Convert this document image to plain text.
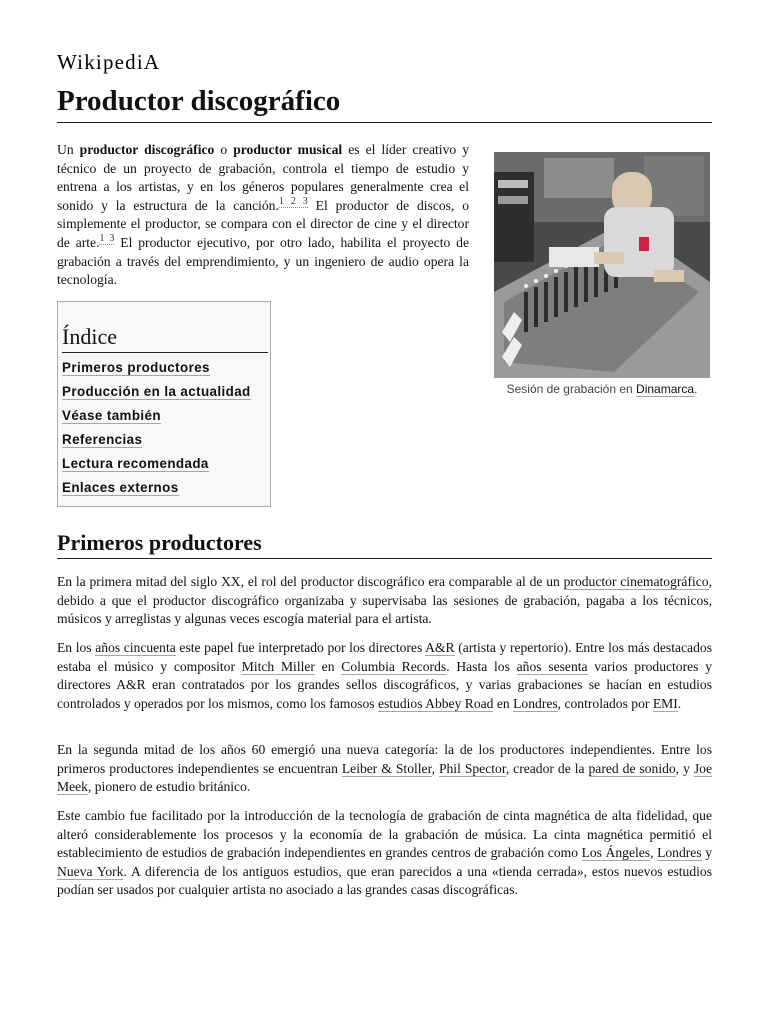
WikipediA
Productor discográfico

Un productor discográfico o productor musical es el líder creativo y técnico de un proyecto de grabación, controla el tiempo de estudio y entrena a los artistas, y en los géneros populares generalmente crea el sonido y la estructura de la canción.$^{1 2 3}$ El productor de discos, o simplemente el productor, se compara con el director de cine y el director de arte.$^{1 3}$ El productor ejecutivo, por otro lado, habilita el proyecto de grabación a través del emprendimiento, y un ingeniero de audio opera la tecnología.

Sesión de grabación en Dinamarca.
Índice
Primeros productores
Producción en la actualidad
Véase también
Referencias
Lectura recomendada
Enlaces externos
Primeros productores

En la primera mitad del siglo XX, el rol del productor discográfico era comparable al de un productor cinematográfico, debido a que el productor discográfico organizaba y supervisaba las sesiones de grabación, pagaba a los técnicos, músicos y arreglistas y algunas veces escogía material para el artista.

En los años cincuenta este papel fue interpretado por los directores A&R (artista y repertorio). Entre los más destacados estaba el músico y compositor Mitch Miller en Columbia Records. Hasta los años sesenta varios productores y directores A&R eran contratados por los grandes sellos discográficos, y varias grabaciones se hacían en estudios controlados y operados por los mismos, como los famosos estudios Abbey Road en Londres, controlados por EMI.

En la segunda mitad de los años 60 emergió una nueva categoría: la de los productores independientes. Entre los primeros productores independientes se encuentran Leiber & Stoller, Phil Spector, creador de la pared de sonido, y Joe Meek, pionero de estudio británico.

Este cambio fue facilitado por la introducción de la tecnología de grabación de cinta magnética de alta fidelidad, que alteró considerablemente los procesos y la economía de la grabación de música. La cinta magnética permitió el establecimiento de estudios de grabación independientes en grandes centros de grabación como Los Ángeles, Londres y Nueva York. A diferencia de los antiguos estudios, que eran parecidos a una «tienda cerrada», estos nuevos estudios podían ser usados por cualquier artista no asociado a las grandes casas discográficas.
